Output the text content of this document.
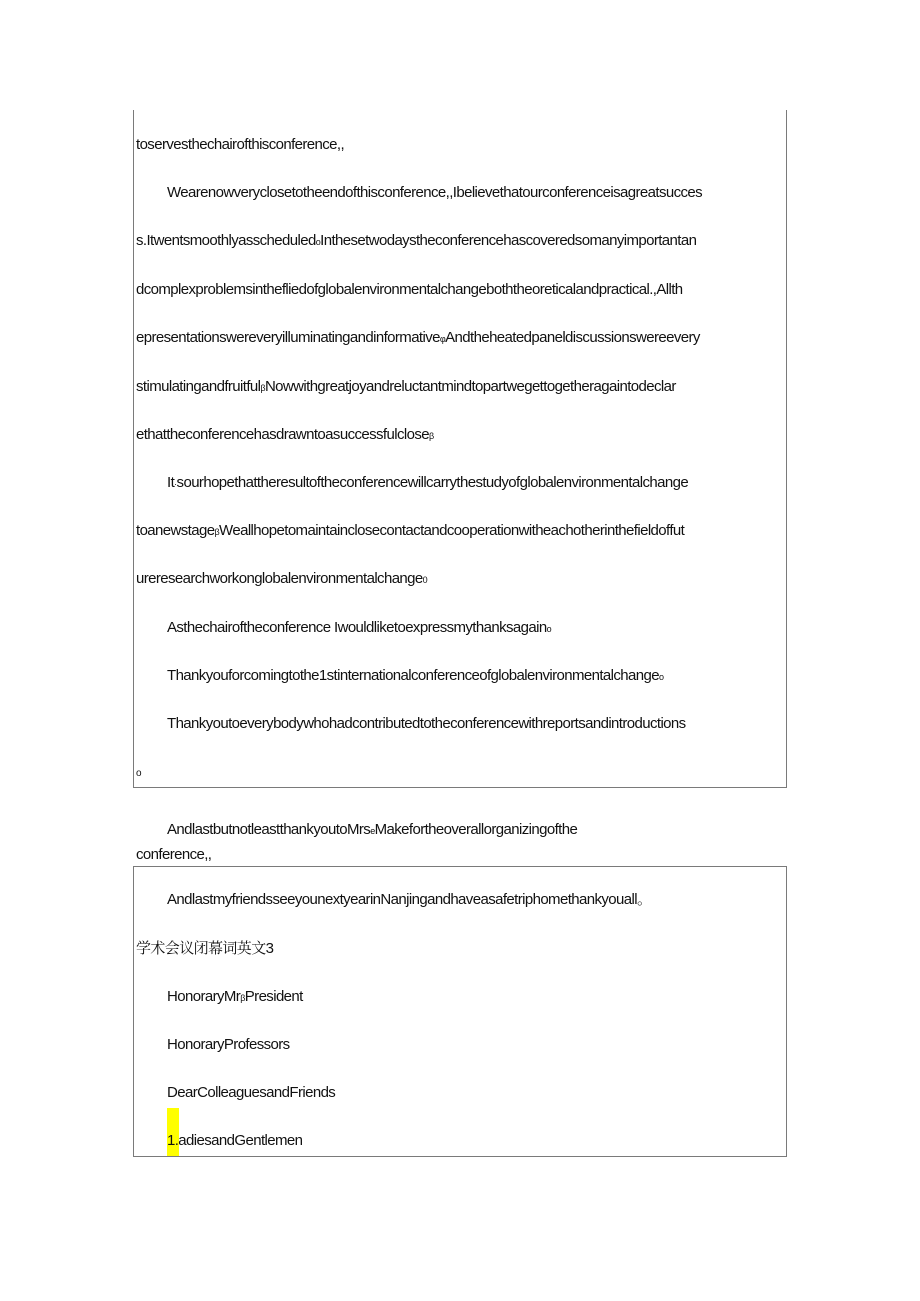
toservesthechairofthisconference,,
Wearenowveryclosetotheendofthisconference,,Ibelievethatourconferenceisagreatsucces
s.ItwentsmoothlyasscheduledoInthesetwodaystheconferencehascoveredsomanyimportantan
dcomplexproblemsinthefliedofglobalenvironmentalchangeboththeoreticalandpractical.,Allth
epresentationswereveryilluminatingandinformativeφAndtheheatedpaneldiscussionswereevery
stimulatingandfruitfulβNowwithgreatjoyandreluctantmindtopartwegettogetheragaintodeclar
ethattheconferencehasdrawntoasuccessfulcloseβ
It·sourhopethattheresultoftheconferencewillcarrythestudyofglobalenvironmentalchange
toanewstageβWeallhopetomaintainclosecontactandcooperationwitheachotherinthefieldoffut
ureresearchworkonglobalenvironmentalchange0
Asthechairoftheconference Iwouldliketoexpressmythanksagaino
Thankyouforcomingtothe1stinternationalconferenceofglobalenvironmentalchangeo
Thankyoutoeverybodywhohadcontributedtotheconferencewithreportsandintroductions
o
AndlastbutnotleastthankyoutoMrseMakefortheoverallorganizingofthe
conference,,
AndlastmyfriendsseeyounextyearinNanjingandhaveasafetriphomethankyouall。
学术会议闭幕词英文3
HonoraryMrβPresident
HonoraryProfessors
DearColleaguesandFriends
1.adiesandGentlemen
